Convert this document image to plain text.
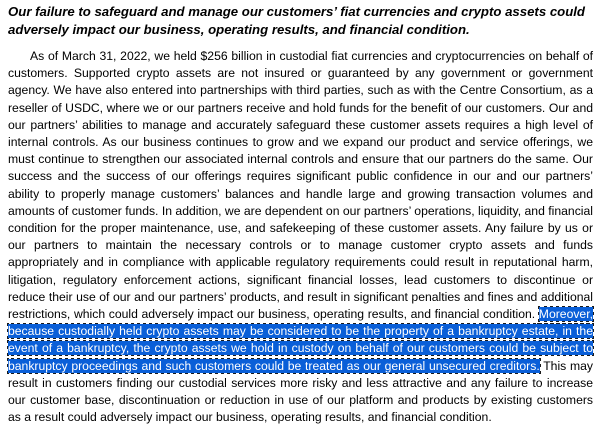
Our failure to safeguard and manage our customers’ fiat currencies and crypto assets could adversely impact our business, operating results, and financial condition.

As of March 31, 2022, we held $256 billion in custodial fiat currencies and cryptocurrencies on behalf of customers. Supported crypto assets are not insured or guaranteed by any government or government agency. We have also entered into partnerships with third parties, such as with the Centre Consortium, as a reseller of USDC, where we or our partners receive and hold funds for the benefit of our customers. Our and our partners’ abilities to manage and accurately safeguard these customer assets requires a high level of internal controls. As our business continues to grow and we expand our product and service offerings, we must continue to strengthen our associated internal controls and ensure that our partners do the same. Our success and the success of our offerings requires significant public confidence in our and our partners’ ability to properly manage customers’ balances and handle large and growing transaction volumes and amounts of customer funds. In addition, we are dependent on our partners’ operations, liquidity, and financial condition for the proper maintenance, use, and safekeeping of these customer assets. Any failure by us or our partners to maintain the necessary controls or to manage customer crypto assets and funds appropriately and in compliance with applicable regulatory requirements could result in reputational harm, litigation, regulatory enforcement actions, significant financial losses, lead customers to discontinue or reduce their use of our and our partners’ products, and result in significant penalties and fines and additional restrictions, which could adversely impact our business, operating results, and financial condition. Moreover, because custodially held crypto assets may be considered to be the property of a bankruptcy estate, in the event of a bankruptcy, the crypto assets we hold in custody on behalf of our customers could be subject to bankruptcy proceedings and such customers could be treated as our general unsecured creditors. This may result in customers finding our custodial services more risky and less attractive and any failure to increase our customer base, discontinuation or reduction in use of our platform and products by existing customers as a result could adversely impact our business, operating results, and financial condition.
